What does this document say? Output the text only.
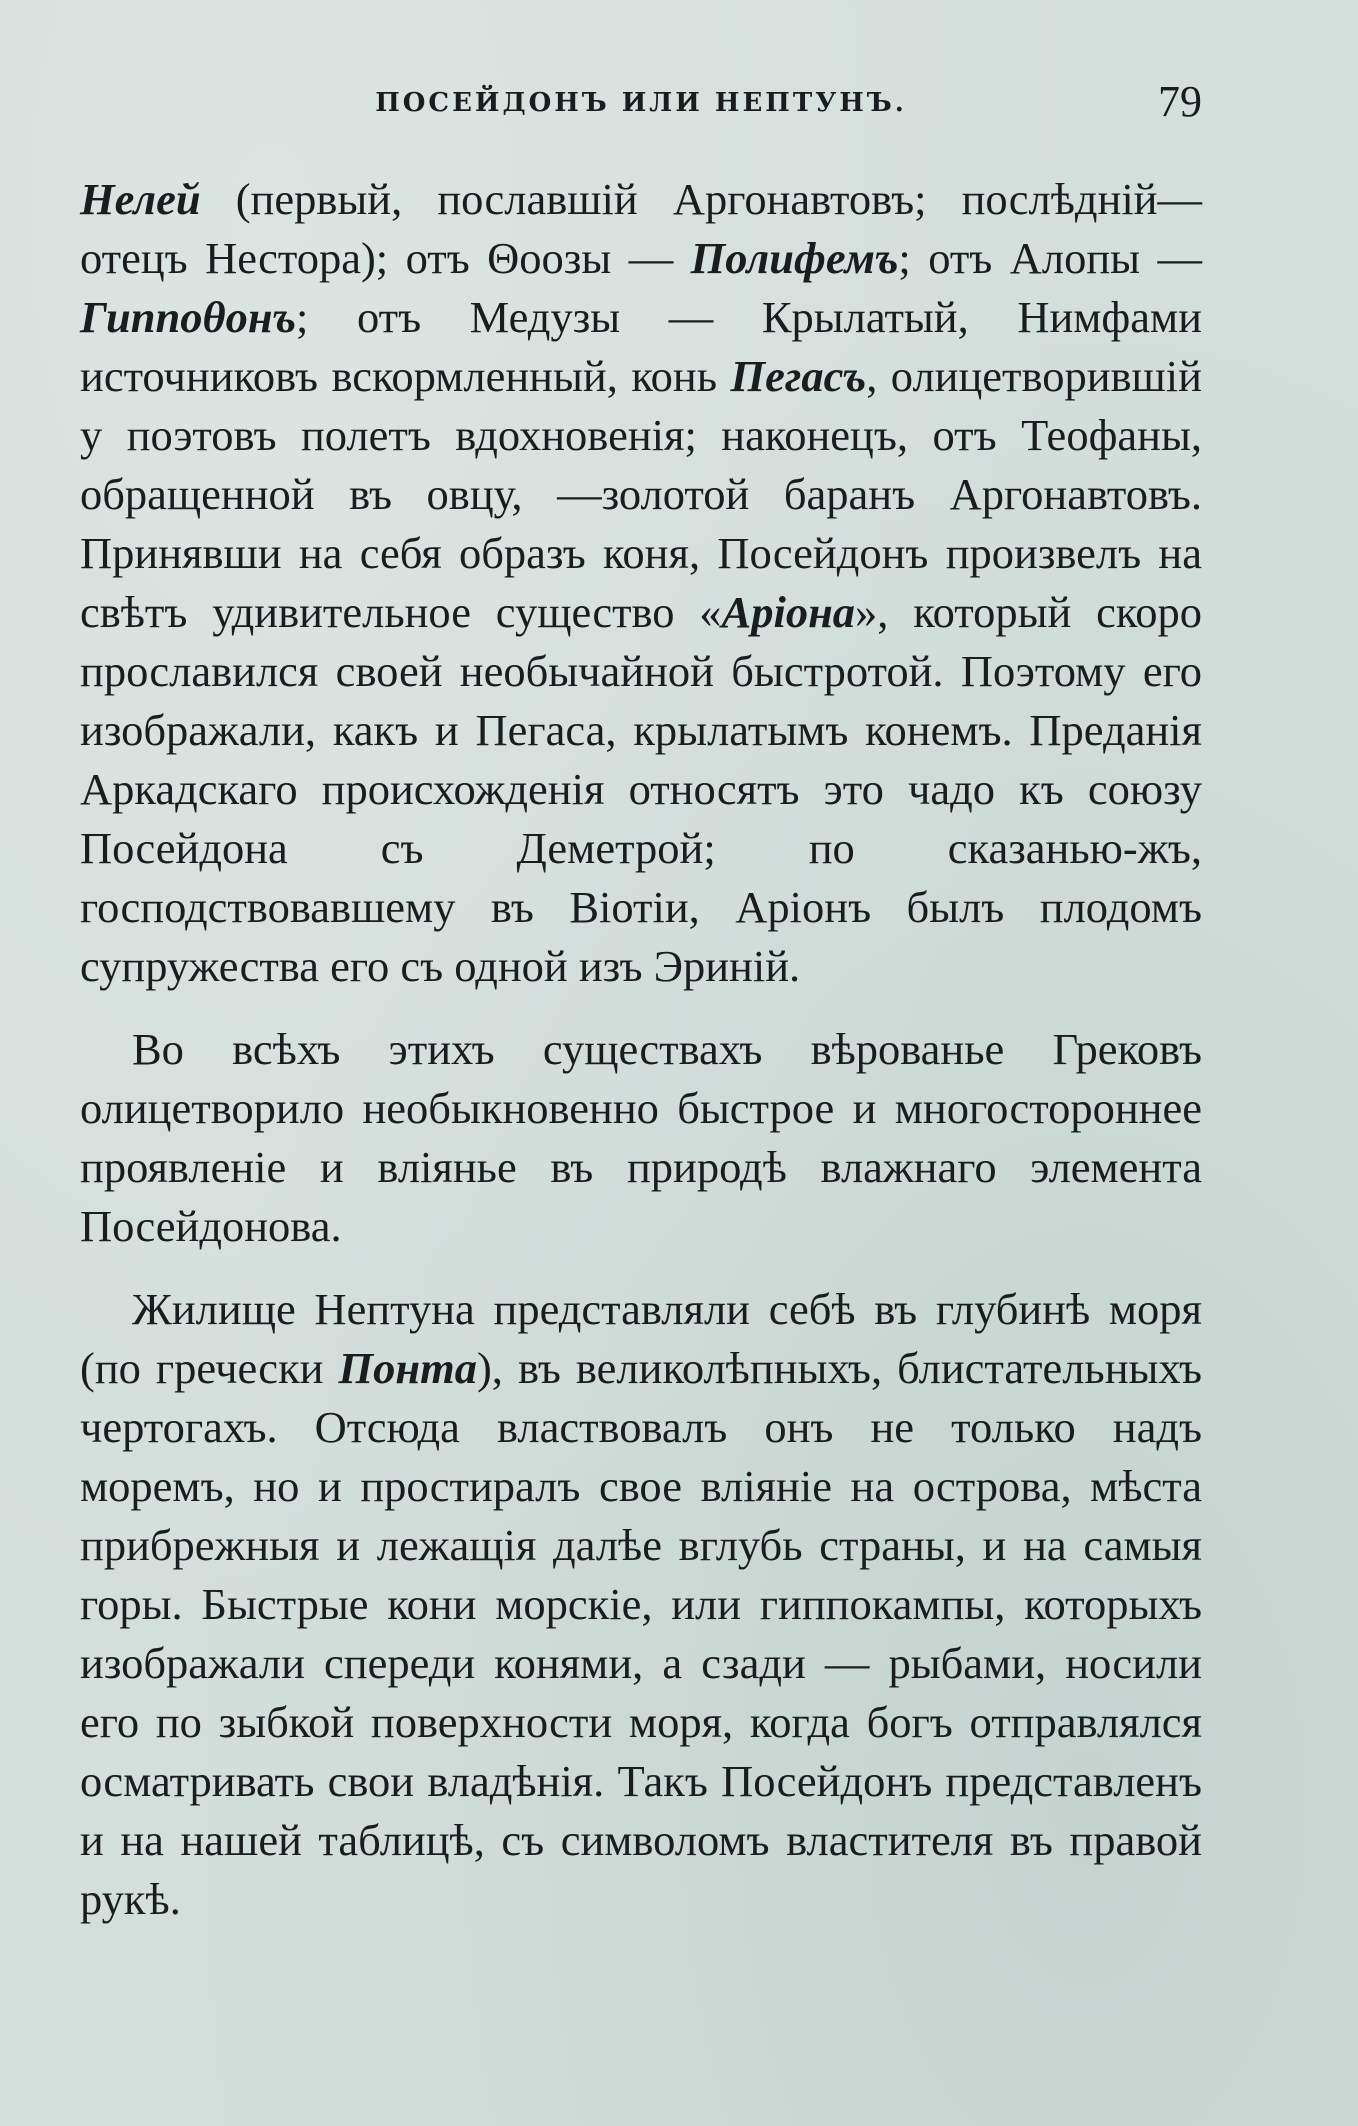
ПОСЕЙДОНЪ ИЛИ НЕПТУНЪ.	79

Нелей (первый, пославшій Аргонавтовъ; послѣдній— отецъ Нестора); отъ Θоозы — Полифемъ; отъ Алопы — Гиппоθонъ; отъ Медузы — Крылатый, Нимфами источниковъ вскормленный, конь Пегасъ, олицетворившій у поэтовъ полетъ вдохновенія; наконецъ, отъ Теофаны, обращенной въ овцу, —золотой баранъ Аргонавтовъ. Принявши на себя образъ коня, Посейдонъ произвелъ на свѣтъ удивительное существо «Аріона», который скоро прославился своей необычайной быстротой. Поэтому его изображали, какъ и Пегаса, крылатымъ конемъ. Преданія Аркадскаго происхожденія относятъ это чадо къ союзу Посейдона съ Деметрой; по сказанью-жъ, господствовавшему въ Віотіи, Аріонъ былъ плодомъ супружества его съ одной изъ Эриній.

Во всѣхъ этихъ существахъ вѣрованье Грековъ олицетворило необыкновенно быстрое и многостороннее проявленіе и вліянье въ природѣ влажнаго элемента Посейдонова.

Жилище Нептуна представляли себѣ въ глубинѣ моря (по гречески Понта), въ великолѣпныхъ, блистательныхъ чертогахъ. Отсюда властвовалъ онъ не только надъ моремъ, но и простиралъ свое вліяніе на острова, мѣста прибрежныя и лежащія далѣе вглубь страны, и на самыя горы. Быстрые кони морскіе, или гиппокампы, которыхъ изображали спереди конями, а сзади — рыбами, носили его по зыбкой поверхности моря, когда богъ отправлялся осматривать свои владѣнія. Такъ Посейдонъ представленъ и на нашей таблицѣ, съ символомъ властителя въ правой рукѣ.
